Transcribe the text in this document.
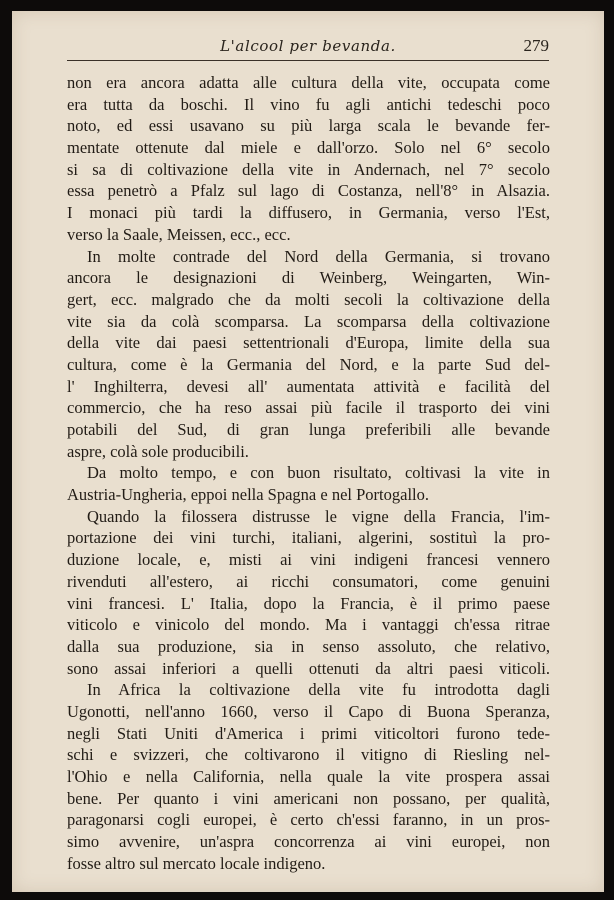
L'alcool per bevanda.	279
non era ancora adatta alle cultura della vite, occupata come
era tutta da boschi. Il vino fu agli antichi tedeschi poco
noto, ed essi usavano su più larga scala le bevande fer-
mentate ottenute dal miele e dall'orzo. Solo nel 6° secolo
si sa di coltivazione della vite in Andernach, nel 7° secolo
essa penetrò a Pfalz sul lago di Costanza, nell'8° in Alsazia.
I monaci più tardi la diffusero, in Germania, verso l'Est,
verso la Saale, Meissen, ecc., ecc.
In molte contrade del Nord della Germania, si trovano
ancora le designazioni di Weinberg, Weingarten, Win-
gert, ecc. malgrado che da molti secoli la coltivazione della
vite sia da colà scomparsa. La scomparsa della coltivazione
della vite dai paesi settentrionali d'Europa, limite della sua
cultura, come è la Germania del Nord, e la parte Sud del-
l' Inghilterra, devesi all' aumentata attività e facilità del
commercio, che ha reso assai più facile il trasporto dei vini
potabili del Sud, di gran lunga preferibili alle bevande
aspre, colà sole producibili.
Da molto tempo, e con buon risultato, coltivasi la vite in
Austria-Ungheria, eppoi nella Spagna e nel Portogallo.
Quando la filossera distrusse le vigne della Francia, l'im-
portazione dei vini turchi, italiani, algerini, sostituì la pro-
duzione locale, e, misti ai vini indigeni francesi vennero
rivenduti all'estero, ai ricchi consumatori, come genuini
vini francesi. L' Italia, dopo la Francia, è il primo paese
viticolo e vinicolo del mondo. Ma i vantaggi ch'essa ritrae
dalla sua produzione, sia in senso assoluto, che relativo,
sono assai inferiori a quelli ottenuti da altri paesi viticoli.
In Africa la coltivazione della vite fu introdotta dagli
Ugonotti, nell'anno 1660, verso il Capo di Buona Speranza,
negli Stati Uniti d'America i primi viticoltori furono tede-
schi e svizzeri, che coltivarono il vitigno di Riesling nel-
l'Ohio e nella California, nella quale la vite prospera assai
bene. Per quanto i vini americani non possano, per qualità,
paragonarsi cogli europei, è certo ch'essi faranno, in un pros-
simo avvenire, un'aspra concorrenza ai vini europei, non
fosse altro sul mercato locale indigeno.
